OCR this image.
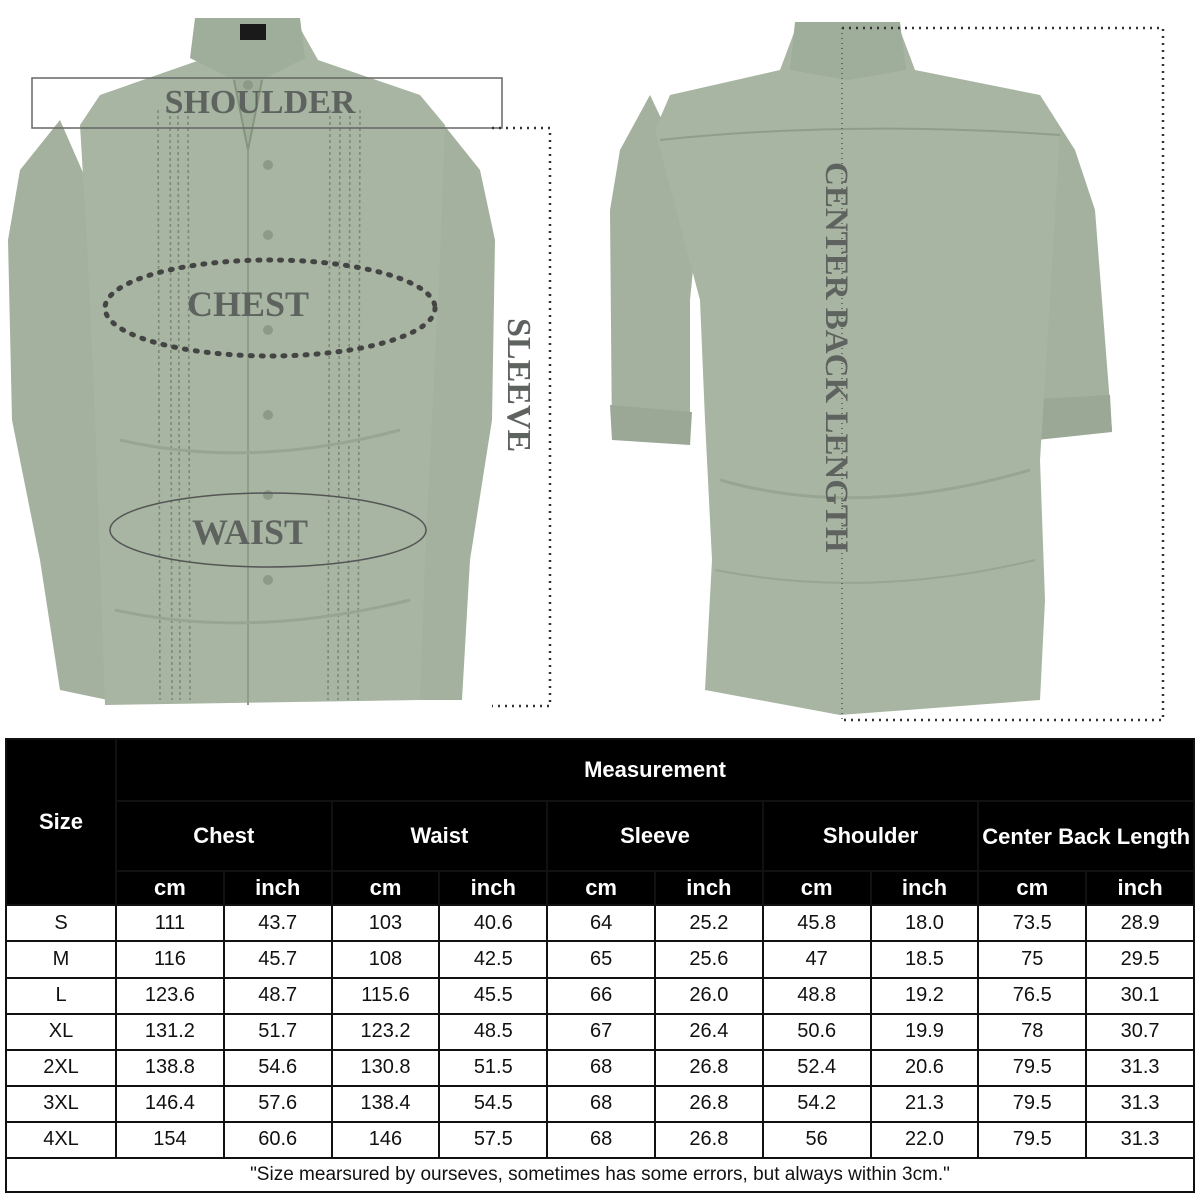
SHOULDER
CHEST
WAIST
SLEEVE	CENTER BACK LENGTH
Size	Measurement									
	Chest		Waist		Sleeve		Shoulder		Center Back Length	
	cm	inch	cm	inch	cm	inch	cm	inch	cm	inch
S	111	43.7	103	40.6	64	25.2	45.8	18.0	73.5	28.9
M	116	45.7	108	42.5	65	25.6	47	18.5	75	29.5
L	123.6	48.7	115.6	45.5	66	26.0	48.8	19.2	76.5	30.1
XL	131.2	51.7	123.2	48.5	67	26.4	50.6	19.9	78	30.7
2XL	138.8	54.6	130.8	51.5	68	26.8	52.4	20.6	79.5	31.3
3XL	146.4	57.6	138.4	54.5	68	26.8	54.2	21.3	79.5	31.3
4XL	154	60.6	146	57.5	68	26.8	56	22.0	79.5	31.3
"Size mearsured by ourseves, sometimes has some errors, but always within 3cm."
